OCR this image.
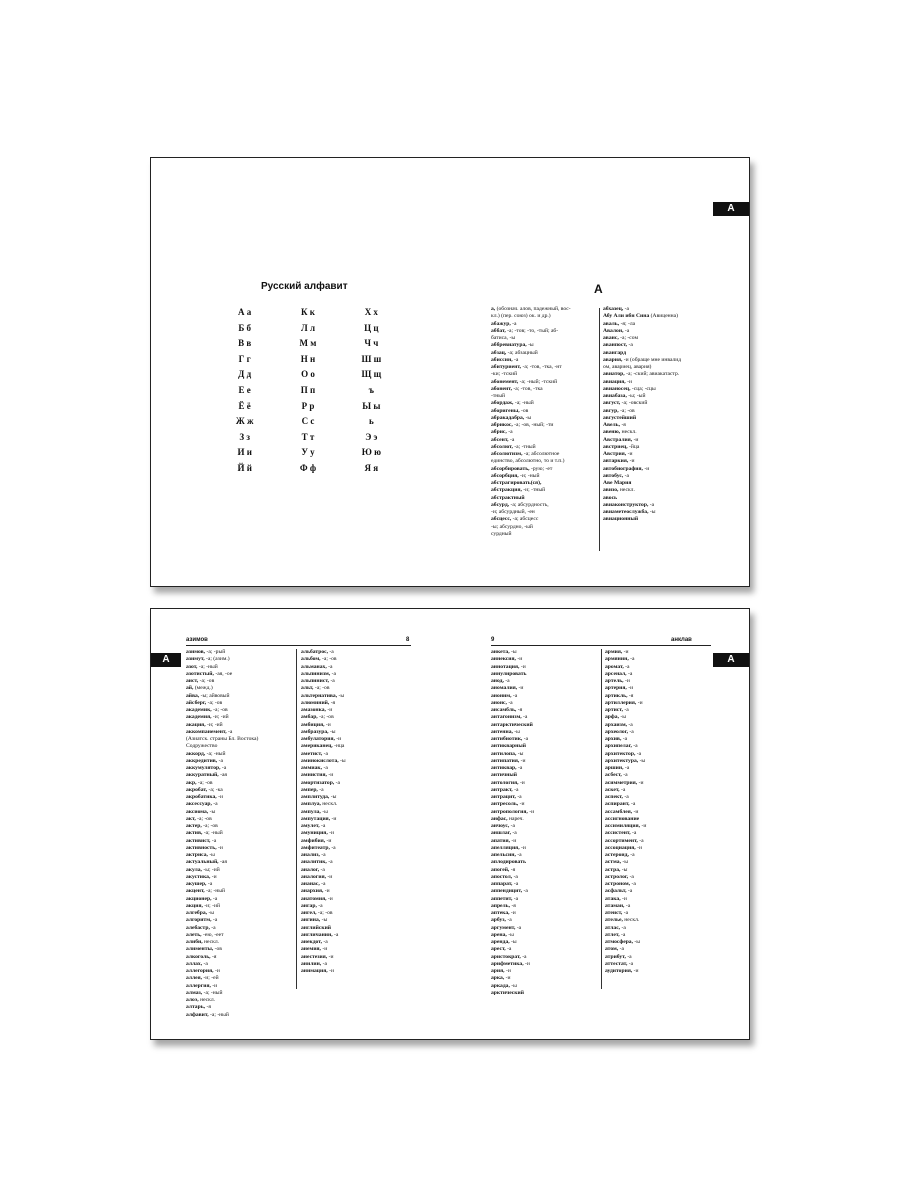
А
Русский алфавит
А а	К к	Х х
Б б	Л л	Ц ц
В в	М м	Ч ч
Г г	Н н	Ш ш
Д д	О о	Щ щ
Е е	П п	ъ
Ё ё	Р р	Ы ы
Ж ж	С с	ь
З з	Т т	Э э
И и	У у	Ю ю
Й й	Ф ф	Я я
А

а, (обознач. алов, падежный, вос-

кл.) (пер. союз) ок. и др.)

абажур, -а

аббат, -а; -тов; -то, -тый; аб-

батиса, -ы

аббревиатура, -ы

абзац, -а; абзацный

абиссин, -а

абитуриент, -а; -тов, -тка, -нт

-ки; -тский

абонемент, -а; -ный; -тский

абонент, -а; -тов, -тка

-тный

абордаж, -а; -ный

аборигены, -ов

абракадабра, -ы

абрикос, -а; -ов, -ный; -ти

абрис, -а

абсент, -а

абсолют, -а; -тный

абсолютизм, -а; абсолютное

единство, абсолютно, то и т.п.)

абсорбировать, -рую; -ет

абсорбция, -и; -ный

абстрагировать(ся),

абстракция, -и; -тный

абстрактный

абсурд, -а; абсурдность,

-и; абсурдный, -ен

абсцесс, -а; абсцесс

-ы; абсурдно, -ый

сурдный

абхазец, -а

Абу Али ибн Сина (Авиценна)

аваль, -я; -ла

Авалон, -а

аванс, -а; -сом

аванпост, -а

авангард

авария, -и (обраще мне инвалид

ом, авариец, авария)

авиатор, -а; -ский; авиакатастр.

авиация, -и

авианосец, -сца; -сцы

авиабаза, -ы; -ый

август, -а; -овский

авгур, -а; -ов

августейший

Авель, -я

авеню, нескл.

Австралия, -и

австриец, -йца

Австрия, -и

автарки́я, -и

автобиография, -и

автобус, -а

Аве Мария

авизо, нескл.

авось

авиаконструктор, -а

авиаметеослужба, -ы

авиационный

А	А
азимов	8	9	анклав

азимов, -а; -рый

азимут, -а; (азим.)

азот, -а; -ный

азотистый, -ая, -ое

аист, -а; -ов

ай, (межд.)

айва, -ы; айвовый

айсберг, -а; -ов

академик, -а; -ов

академия, -и; -ий

акация, -и; -ий

аккомпанемент, -а

(Азиатск. страны Бл. Востока)

Содружество

аккорд, -а; -ный

аккредитив, -а

аккумулятор, -а

аккуратный, -ая

акр, -а; -ов

акробат, -а; -ка

акробатика, -и

аксессуар, -а

аксиома, -ы

акт, -а; -ов

актер, -а; -ов

актив, -а; -ный

активист, -а

активность, -и

актриса, -ы

актуальный, -ая

акула, -ы; -ий

акустика, -и

акушер, -а

акцент, -а; -ный

акционер, -а

акция, -и; -ий

алгебра, -ы

алгоритм, -а

алебастр, -а

алеть, -ею, -еет

алиби, нескл.

алименты, -ов

алкоголь, -я

аллах, -а

аллегория, -и

аллея, -и; -ей

аллергия, -и

алмаз, -а; -ный

алоэ, нескл.

алтарь, -я

алфавит, -а; -ный

альбатрос, -а

альбом, -а; -ов

альманах, -а

альпинизм, -а

альпинист, -а

альт, -а; -ов

альтернатива, -ы

алюминий, -я

амазонка, -и

амбар, -а; -ов

амбиция, -и

амбразура, -ы

амбулатория, -и

америка́нец, -нца

аметист, -а

аминокислота, -ы

аммиак, -а

амнистия, -и

амортизатор, -а

ампер, -а

амплитуда, -ы

амплуа, нескл.

ампула, -ы

ампутация, -и

амулет, -а

амуниция, -и

амфибия, -и

амфитеатр, -а

анализ, -а

аналитик, -а

аналог, -а

аналогия, -и

ананас, -а

анархия, -и

анатомия, -и

ангар, -а

ангел, -а; -ов

ангина, -ы

английский

англичанин, -а

анекдот, -а

анемия, -и

анестезия, -и

анилин, -а

анимация, -и

анкета, -ы

аннексия, -и

аннотация, -и

аннулировать

анод, -а

аномалия, -и

аноним, -а

анонс, -а

ансамбль, -я

антагонизм, -а

антарктический

антенна, -ы

антибиотик, -а

антикварный

антилопа, -ы

антипатия, -и

антиквар, -а

античный

антология, -и

антракт, -а

антрацит, -а

антресоль, -и

антропология, -и

анфас, нареч.

анчоус, -а

аншлаг, -а

апатия, -и

апелляция, -и

апельсин, -а

аплодировать

апогей, -я

апостол, -а

аппарат, -а

аппендицит, -а

аппетит, -а

апрель, -я

аптека, -и

арбуз, -а

аргумент, -а

арена, -ы

аренда, -ы

арест, -а

аристократ, -а

арифметика, -и

ария, -и

арка, -и

аркада, -ы

арктический

армия, -и

армянин, -а

аромат, -а

арсенал, -а

артель, -и

артерия, -и

артикль, -я

артиллерия, -и

артист, -а

арфа, -ы

архаизм, -а

археолог, -а

архив, -а

архипелаг, -а

архитектор, -а

архитектура, -ы

аршин, -а

асбест, -а

асимметрия, -и

аскет, -а

аспект, -а

аспирант, -а

ассамблея, -и

ассигнование

ассимиляция, -и

ассистент, -а

ассортимент, -а

ассоциация, -и

астероид, -а

астма, -ы

астра, -ы

астролог, -а

астроном, -а

асфальт, -а

атака, -и

атаман, -а

атеист, -а

ателье, нескл.

атлас, -а

атлет, -а

атмосфера, -ы

атом, -а

атрибут, -а

аттестат, -а

аудитория, -и
